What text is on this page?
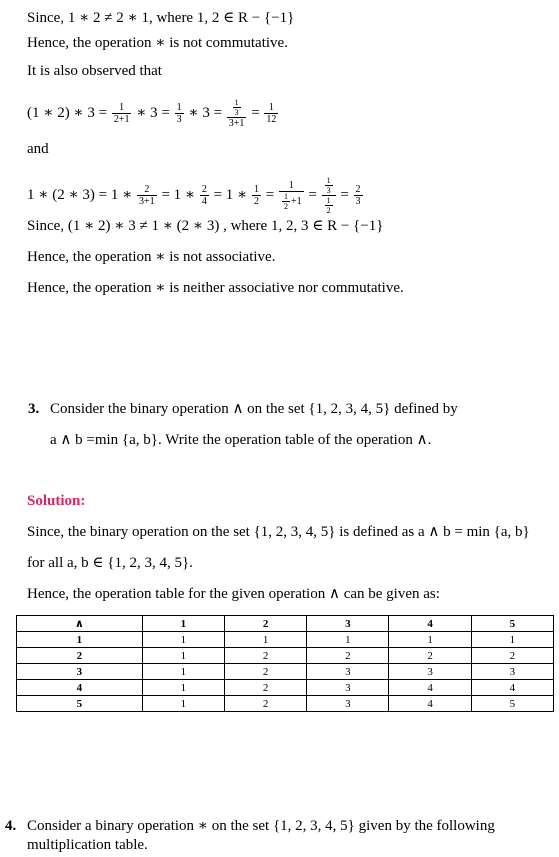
Since, 1 ∗ 2 ≠ 2 ∗ 1, where 1, 2 ∈ R − {−1}
Hence, the operation ∗ is not commutative.
It is also observed that
(1 ∗ 2) ∗ $3 = \frac{1}{2+1}$ ∗ $3 = \frac{1}{3}$ ∗ $3 = \frac{\frac{1}{3}}{3+1} = \frac{1}{12}$
and
1 ∗ (2 ∗ 3) = 1 ∗ $\frac{2}{3+1} = 1$ ∗ $\frac{2}{4} = 1$ ∗ $\frac{1}{2} = \frac{1}{\frac{1}{2} +1} = \frac{\frac{1}{3}}{\frac{1}{2}} = \frac{2}{3}$
Since, (1 ∗ 2) ∗ 3 ≠ 1 ∗ (2 ∗ 3) , where 1, 2, 3 ∈ R − {−1}
Hence, the operation ∗ is not associative.
Hence, the operation ∗ is neither associative nor commutative.
3. Consider the binary operation ∧ on the set {1, 2, 3, 4, 5} defined by
a ∧ b =min {a, b}. Write the operation table of the operation ∧.
Solution:
Since, the binary operation on the set {1, 2, 3, 4, 5} is defined as a ∧ b = min {a, b}
for all a, b ∈ {1, 2, 3, 4, 5}.
Hence, the operation table for the given operation ∧ can be given as:
∧	1	2	3	4	5
1	1	1	1	1	1
2	1	2	2	2	2
3	1	2	3	3	3
4	1	2	3	4	4
5	1	2	3	4	5
4. Consider a binary operation ∗ on the set {1, 2, 3, 4, 5} given by the following
multiplication table.
